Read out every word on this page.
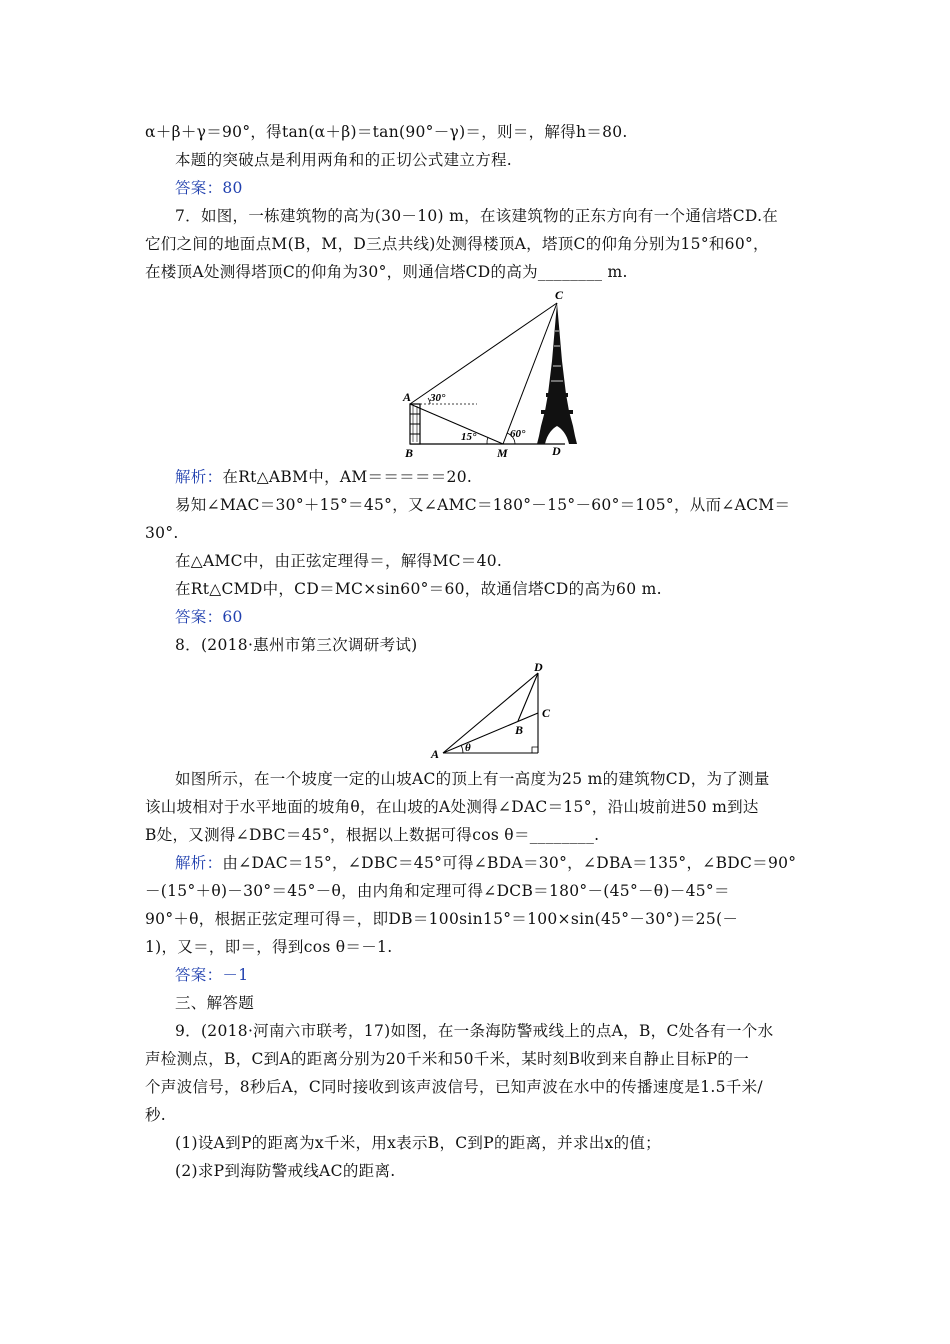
α＋β＋γ＝90°，得tan(α＋β)＝tan(90°－γ)＝，则＝，解得h＝80.
本题的突破点是利用两角和的正切公式建立方程.
答案：80
7．如图，一栋建筑物的高为(30－10) m，在该建筑物的正东方向有一个通信塔CD.在
它们之间的地面点M(B，M，D三点共线)处测得楼顶A，塔顶C的仰角分别为15°和60°，
在楼顶A处测得塔顶C的仰角为30°，则通信塔CD的高为________ m.
C
A
B	M	D
30°
15°	60°
解析：在Rt△ABM中，AM＝＝＝＝＝20.
易知∠MAC＝30°＋15°＝45°，又∠AMC＝180°－15°－60°＝105°，从而∠ACM＝
30°.
在△AMC中，由正弦定理得＝，解得MC＝40.
在Rt△CMD中，CD＝MC×sin60°＝60，故通信塔CD的高为60 m.
答案：60
8．(2018·惠州市第三次调研考试)
D
C
B
A θ
如图所示，在一个坡度一定的山坡AC的顶上有一高度为25 m的建筑物CD，为了测量
该山坡相对于水平地面的坡角θ，在山坡的A处测得∠DAC＝15°，沿山坡前进50 m到达
B处，又测得∠DBC＝45°，根据以上数据可得cos θ＝________.
解析：由∠DAC＝15°，∠DBC＝45°可得∠BDA＝30°，∠DBA＝135°，∠BDC＝90°
－(15°＋θ)－30°＝45°－θ，由内角和定理可得∠DCB＝180°－(45°－θ)－45°＝
90°＋θ，根据正弦定理可得＝，即DB＝100sin15°＝100×sin(45°－30°)＝25(－
1)，又＝，即＝，得到cos θ＝－1.
答案：－1
三、解答题
9．(2018·河南六市联考，17)如图，在一条海防警戒线上的点A，B，C处各有一个水
声检测点，B，C到A的距离分别为20千米和50千米，某时刻B收到来自静止目标P的一
个声波信号，8秒后A，C同时接收到该声波信号，已知声波在水中的传播速度是1.5千米/
秒.
(1)设A到P的距离为x千米，用x表示B，C到P的距离，并求出x的值；
(2)求P到海防警戒线AC的距离.
